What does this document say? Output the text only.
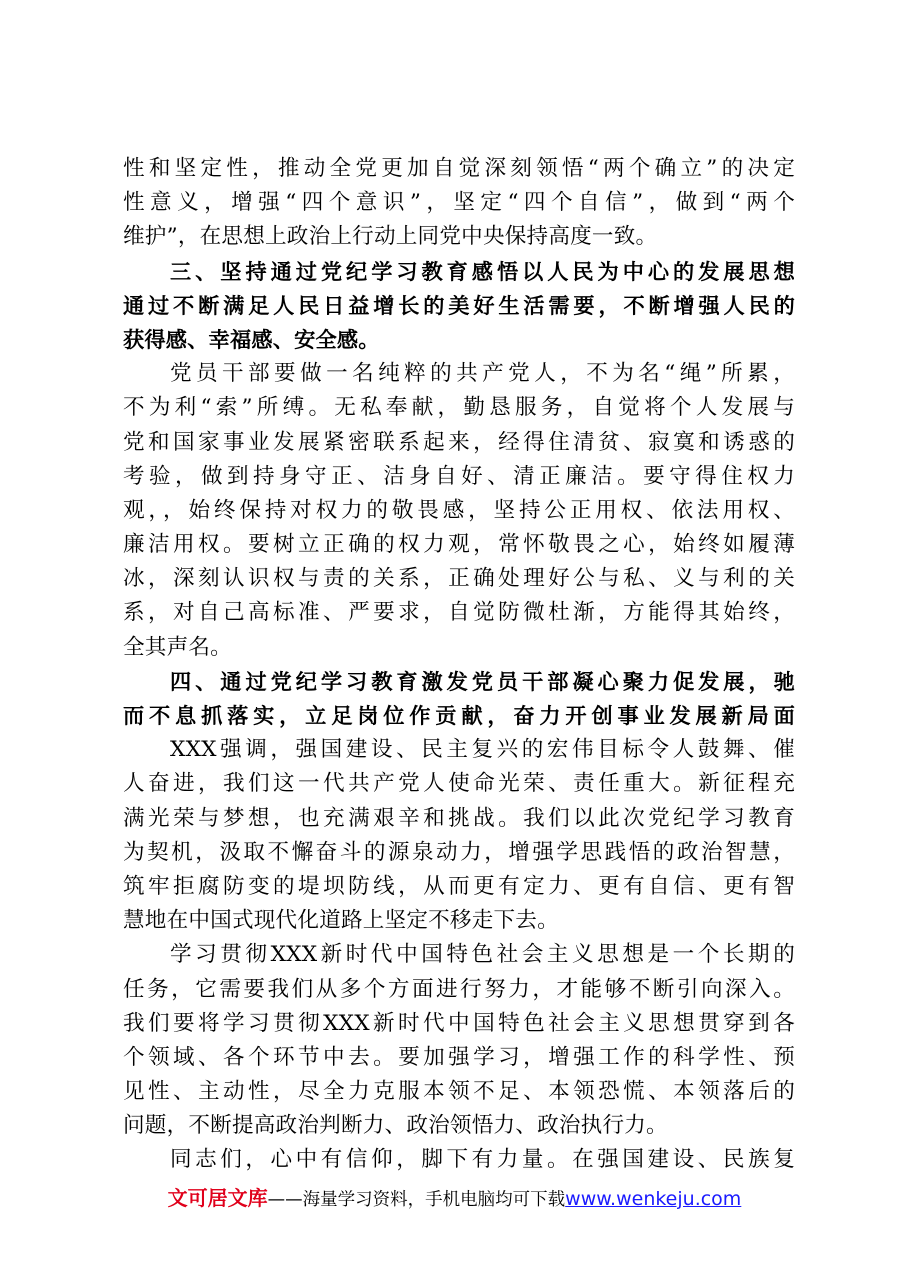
性和坚定性，推动全党更加自觉深刻领悟“两个确立”的决定
性意义，增强“四个意识”，坚定“四个自信”，做到“两个
维护”，在思想上政治上行动上同党中央保持高度一致。
三、坚持通过党纪学习教育感悟以人民为中心的发展思想
通过不断满足人民日益增长的美好生活需要，不断增强人民的
获得感、幸福感、安全感。
党员干部要做一名纯粹的共产党人，不为名“绳”所累，
不为利“索”所缚。无私奉献，勤恳服务，自觉将个人发展与
党和国家事业发展紧密联系起来，经得住清贫、寂寞和诱惑的
考验，做到持身守正、洁身自好、清正廉洁。要守得住权力
观，，始终保持对权力的敬畏感，坚持公正用权、依法用权、
廉洁用权。要树立正确的权力观，常怀敬畏之心，始终如履薄
冰，深刻认识权与责的关系，正确处理好公与私、义与利的关
系，对自己高标准、严要求，自觉防微杜渐，方能得其始终，
全其声名。
四、通过党纪学习教育激发党员干部凝心聚力促发展，驰
而不息抓落实，立足岗位作贡献，奋力开创事业发展新局面
XXX强调，强国建设、民主复兴的宏伟目标令人鼓舞、催
人奋进，我们这一代共产党人使命光荣、责任重大。新征程充
满光荣与梦想，也充满艰辛和挑战。我们以此次党纪学习教育
为契机，汲取不懈奋斗的源泉动力，增强学思践悟的政治智慧，
筑牢拒腐防变的堤坝防线，从而更有定力、更有自信、更有智
慧地在中国式现代化道路上坚定不移走下去。
学习贯彻XXX新时代中国特色社会主义思想是一个长期的
任务，它需要我们从多个方面进行努力，才能够不断引向深入。
我们要将学习贯彻XXX新时代中国特色社会主义思想贯穿到各
个领域、各个环节中去。要加强学习，增强工作的科学性、预
见性、主动性，尽全力克服本领不足、本领恐慌、本领落后的
问题，不断提高政治判断力、政治领悟力、政治执行力。
同志们，心中有信仰，脚下有力量。在强国建设、民族复
文可居文库——海量学习资料，手机电脑均可下载www.wenkeju.com
